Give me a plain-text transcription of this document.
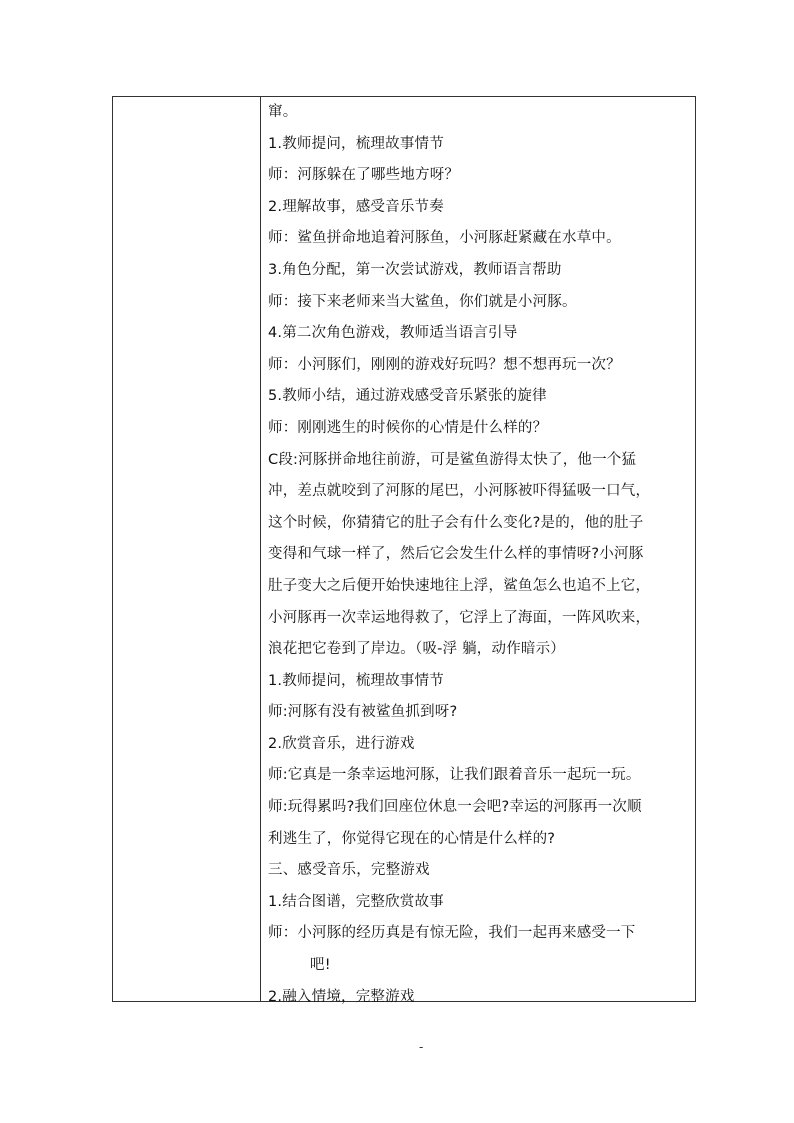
窜。
1.教师提问，梳理故事情节
师：河豚躲在了哪些地方呀？
2.理解故事，感受音乐节奏
师：鲨鱼拼命地追着河豚鱼，小河豚赶紧藏在水草中。
3.角色分配，第一次尝试游戏，教师语言帮助
师：接下来老师来当大鲨鱼，你们就是小河豚。
4.第二次角色游戏，教师适当语言引导
师：小河豚们，刚刚的游戏好玩吗？想不想再玩一次？
5.教师小结，通过游戏感受音乐紧张的旋律
师：刚刚逃生的时候你的心情是什么样的？
C段:河豚拼命地往前游，可是鲨鱼游得太快了，他一个猛
冲，差点就咬到了河豚的尾巴，小河豚被吓得猛吸一口气，
这个时候，你猜猜它的肚子会有什么变化?是的，他的肚子
变得和气球一样了，然后它会发生什么样的事情呀?小河豚
肚子变大之后便开始快速地往上浮，鲨鱼怎么也追不上它，
小河豚再一次幸运地得救了，它浮上了海面，一阵风吹来，
浪花把它卷到了岸边。（吸-浮 躺，动作暗示）
1.教师提问，梳理故事情节
师:河豚有没有被鲨鱼抓到呀?
2.欣赏音乐，进行游戏
师:它真是一条幸运地河豚，让我们跟着音乐一起玩一玩。
师:玩得累吗?我们回座位休息一会吧?幸运的河豚再一次顺
利逃生了，你觉得它现在的心情是什么样的?
三、感受音乐，完整游戏
1.结合图谱，完整欣赏故事
师：小河豚的经历真是有惊无险，我们一起再来感受一下
吧!
2.融入情境，完整游戏
-
